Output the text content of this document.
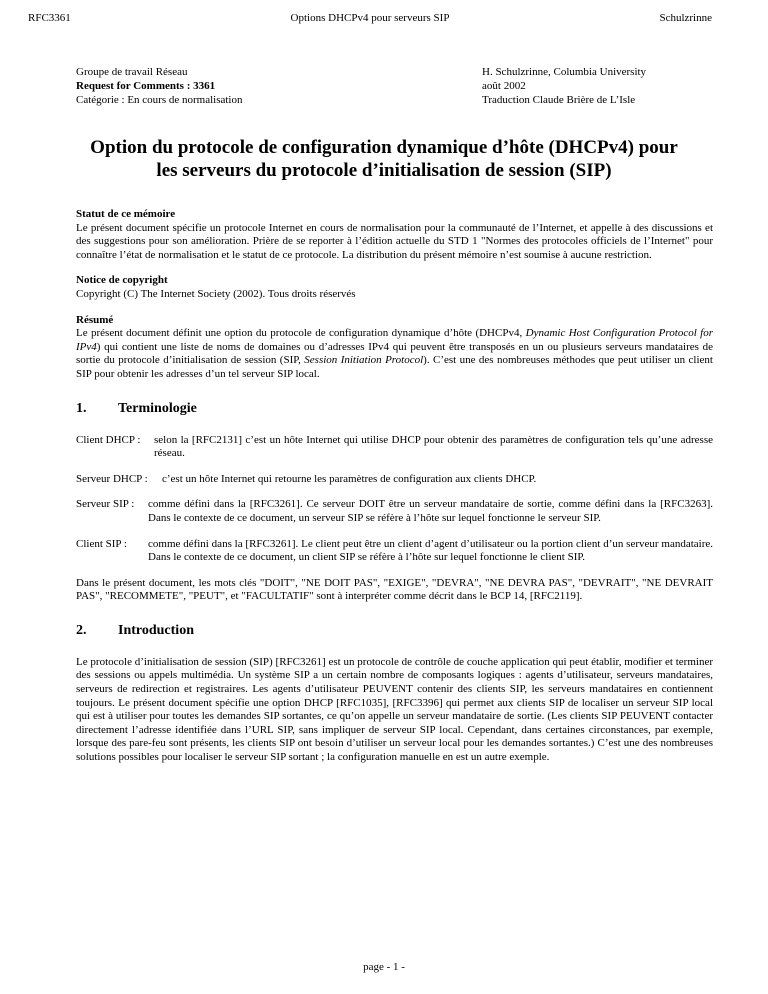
RFC3361	Options DHCPv4 pour serveurs SIP	Schulzrinne
Groupe de travail Réseau
Request for Comments : 3361
Catégorie : En cours de normalisation
H. Schulzrinne, Columbia University
août 2002
Traduction Claude Brière de L’Isle
Option du protocole de configuration dynamique d’hôte (DHCPv4) pour
les serveurs du protocole d’initialisation de session (SIP)

Statut de ce mémoire

Le présent document spécifie un protocole Internet en cours de normalisation pour la communauté de l’Internet, et appelle à des discussions et des suggestions pour son amélioration. Prière de se reporter à l’édition actuelle du STD 1 "Normes des protocoles officiels de l’Internet" pour connaître l’état de normalisation et le statut de ce protocole. La distribution du présent mémoire n’est soumise à aucune restriction.

Notice de copyright

Copyright (C) The Internet Society (2002). Tous droits réservés

Résumé

Le présent document définit une option du protocole de configuration dynamique d’hôte (DHCPv4, Dynamic Host Configuration Protocol for IPv4) qui contient une liste de noms de domaines ou d’adresses IPv4 qui peuvent être transposés en un ou plusieurs serveurs mandataires de sortie du protocole d’initialisation de session (SIP, Session Initiation Protocol). C’est une des nombreuses méthodes que peut utiliser un client SIP pour obtenir les adresses d’un tel serveur SIP local.

1. Terminologie
Client DHCP :	selon la [RFC2131] c’est un hôte Internet qui utilise DHCP pour obtenir des paramètres de configuration tels qu’une adresse réseau.

Serveur DHCP :	c’est un hôte Internet qui retourne les paramètres de configuration aux clients DHCP.

Serveur SIP :	comme défini dans la [RFC3261]. Ce serveur DOIT être un serveur mandataire de sortie, comme défini dans la [RFC3263]. Dans le contexte de ce document, un serveur SIP se réfère à l’hôte sur lequel fonctionne le serveur SIP.

Client SIP :	comme défini dans la [RFC3261]. Le client peut être un client d’agent d’utilisateur ou la portion client d’un serveur mandataire. Dans le contexte de ce document, un client SIP se réfère à l’hôte sur lequel fonctionne le client SIP.

Dans le présent document, les mots clés "DOIT", "NE DOIT PAS", "EXIGE", "DEVRA", "NE DEVRA PAS", "DEVRAIT", "NE DEVRAIT PAS", "RECOMMETE", "PEUT", et "FACULTATIF" sont à interpréter comme décrit dans le BCP 14, [RFC2119].

2. Introduction

Le protocole d’initialisation de session (SIP) [RFC3261] est un protocole de contrôle de couche application qui peut établir, modifier et terminer des sessions ou appels multimédia. Un système SIP a un certain nombre de composants logiques : agents d’utilisateur, serveurs mandataires, serveurs de redirection et registraires. Les agents d’utilisateur PEUVENT contenir des clients SIP, les serveurs mandataires en contiennent toujours. Le présent document spécifie une option DHCP [RFC1035], [RFC3396] qui permet aux clients SIP de localiser un serveur SIP local qui est à utiliser pour toutes les demandes SIP sortantes, ce qu’on appelle un serveur mandataire de sortie. (Les clients SIP PEUVENT contacter directement l’adresse identifiée dans l’URL SIP, sans impliquer de serveur SIP local. Cependant, dans certaines circonstances, par exemple, lorsque des pare-feu sont présents, les clients SIP ont besoin d’utiliser un serveur local pour les demandes sortantes.) C’est une des nombreuses solutions possibles pour localiser le serveur SIP sortant ; la configuration manuelle en est un autre exemple.

page - 1 -
